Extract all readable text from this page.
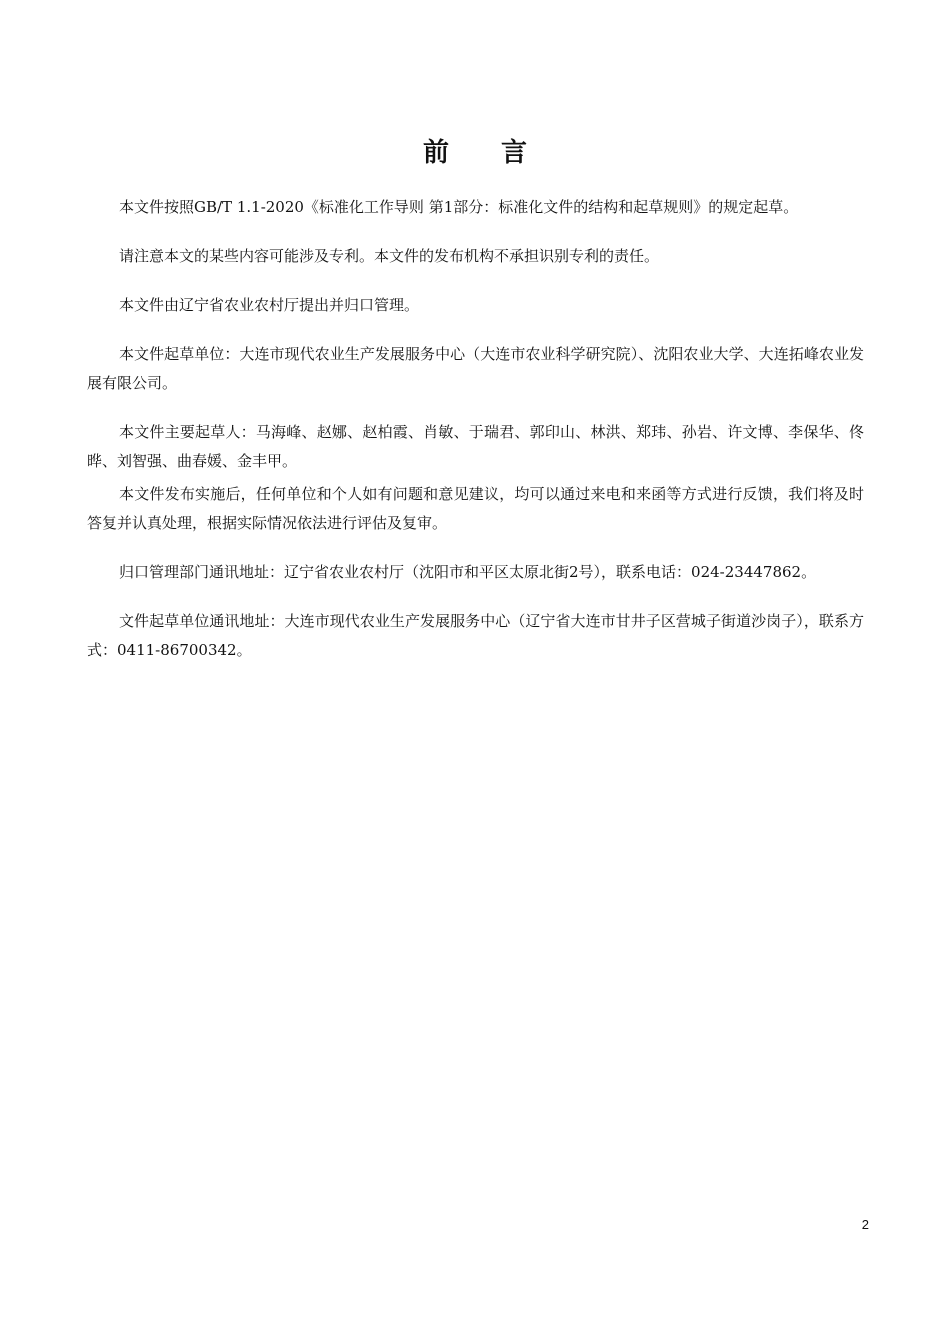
前言

本文件按照GB/T 1.1-2020《标准化工作导则 第1部分：标准化文件的结构和起草规则》的规定起草。

请注意本文的某些内容可能涉及专利。本文件的发布机构不承担识别专利的责任。

本文件由辽宁省农业农村厅提出并归口管理。

本文件起草单位：大连市现代农业生产发展服务中心（大连市农业科学研究院）、沈阳农业大学、大连拓峰农业发展有限公司。

本文件主要起草人：马海峰、赵娜、赵柏霞、肖敏、于瑞君、郭印山、林洪、郑玮、孙岩、许文博、李保华、佟晔、刘智强、曲春媛、金丰甲。

本文件发布实施后，任何单位和个人如有问题和意见建议，均可以通过来电和来函等方式进行反馈，我们将及时答复并认真处理，根据实际情况依法进行评估及复审。

归口管理部门通讯地址：辽宁省农业农村厅（沈阳市和平区太原北街2号），联系电话：024-23447862。

文件起草单位通讯地址：大连市现代农业生产发展服务中心（辽宁省大连市甘井子区营城子街道沙岗子），联系方式：0411-86700342。

2
